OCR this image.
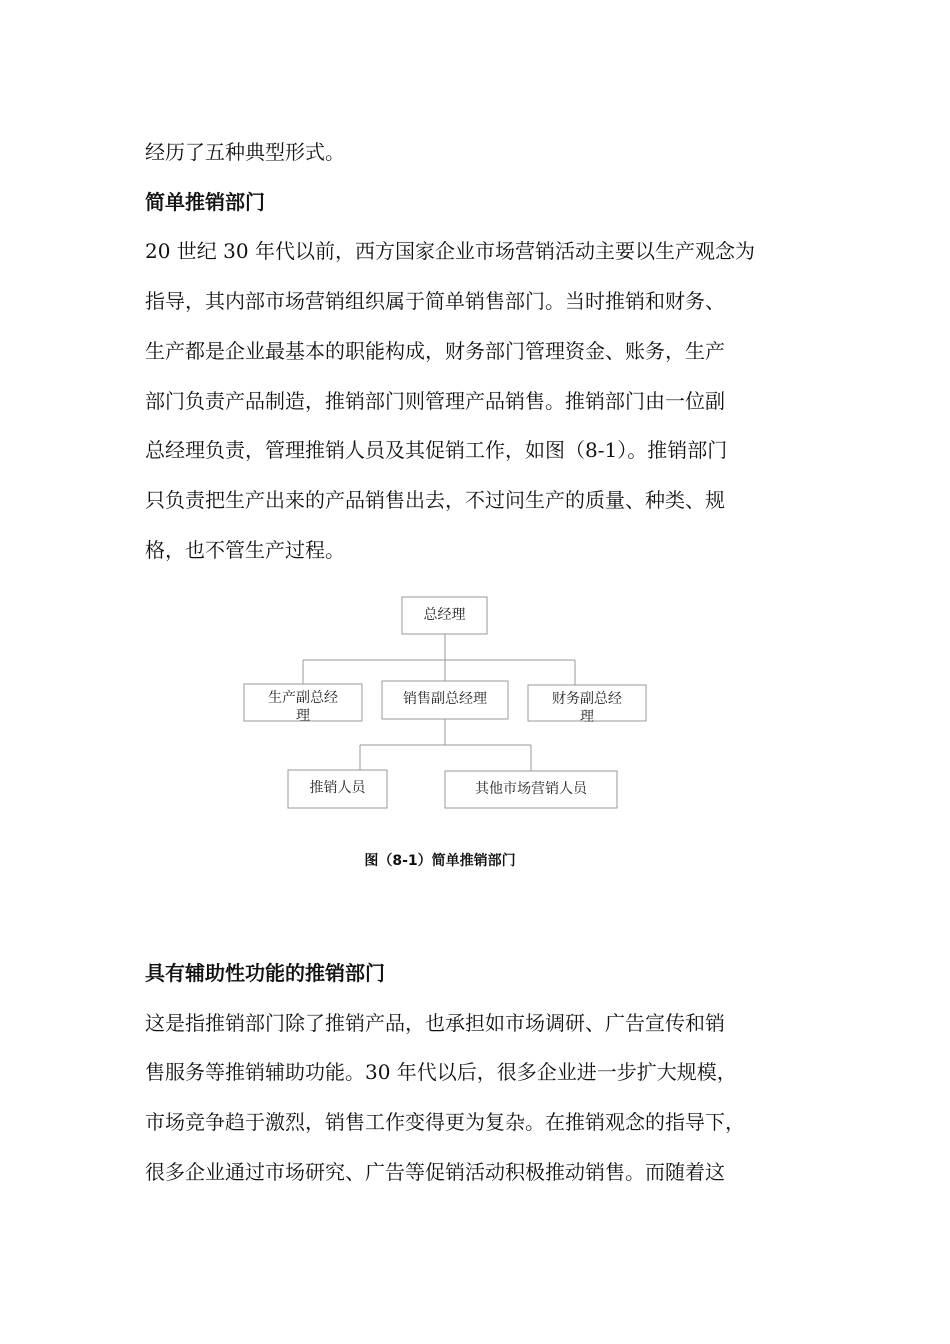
经历了五种典型形式。
简单推销部门
20 世纪 30 年代以前，西方国家企业市场营销活动主要以生产观念为
指导，其内部市场营销组织属于简单销售部门。当时推销和财务、
生产都是企业最基本的职能构成，财务部门管理资金、账务，生产
部门负责产品制造，推销部门则管理产品销售。推销部门由一位副
总经理负责，管理推销人员及其促销工作，如图（8-1）。推销部门
只负责把生产出来的产品销售出去，不过问生产的质量、种类、规
格，也不管生产过程。
总经理
生产副总经
理
销售副总经理	财务副总经
理
推销人员	其他市场营销人员
图（8-1）简单推销部门
具有辅助性功能的推销部门
这是指推销部门除了推销产品，也承担如市场调研、广告宣传和销
售服务等推销辅助功能。30 年代以后，很多企业进一步扩大规模，
市场竞争趋于激烈，销售工作变得更为复杂。在推销观念的指导下，
很多企业通过市场研究、广告等促销活动积极推动销售。而随着这
